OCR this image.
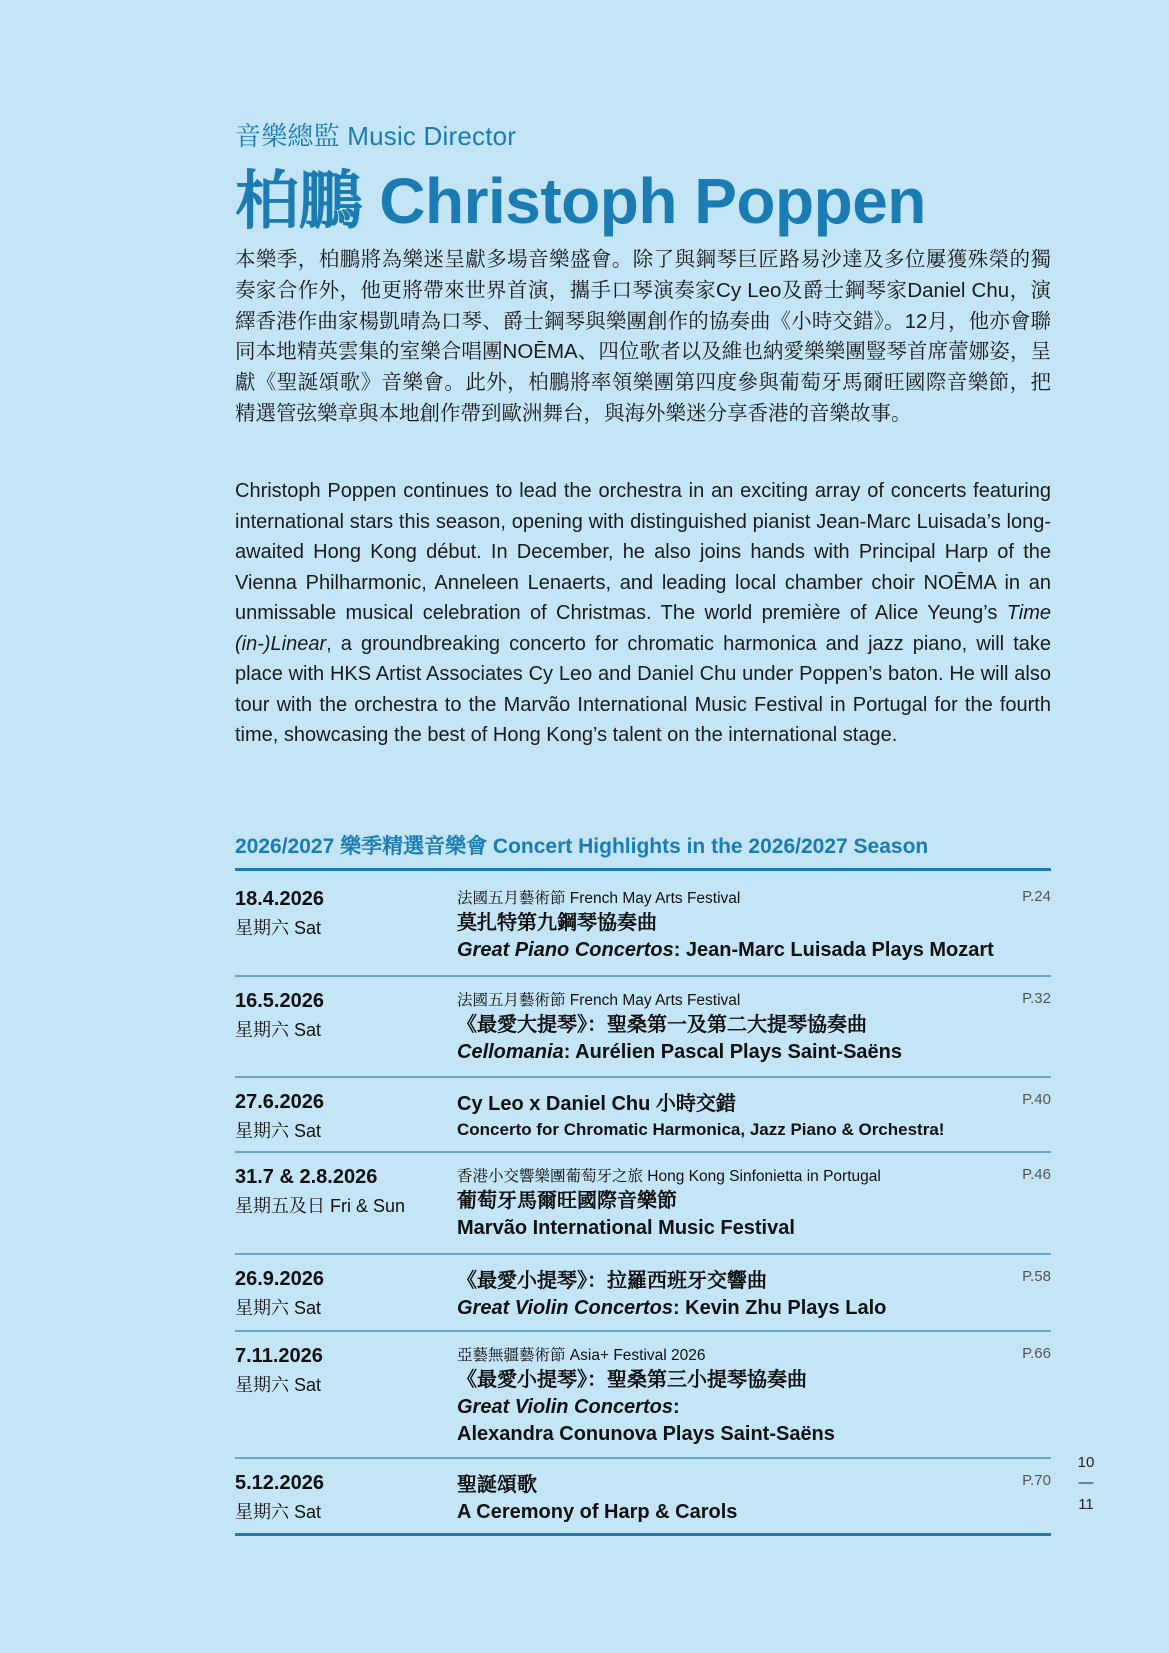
音樂總監 Music Director
柏鵬 Christoph Poppen

本樂季，柏鵬將為樂迷呈獻多場音樂盛會。除了與鋼琴巨匠路易沙達及多位屢獲殊榮的獨奏家合作外，他更將帶來世界首演，攜手口琴演奏家Cy Leo及爵士鋼琴家Daniel Chu，演繹香港作曲家楊凱晴為口琴、爵士鋼琴與樂團創作的協奏曲《小時交錯》。12月，他亦會聯同本地精英雲集的室樂合唱團NOĒMA、四位歌者以及維也納愛樂樂團豎琴首席蕾娜姿，呈獻《聖誕頌歌》音樂會。此外，柏鵬將率領樂團第四度參與葡萄牙馬爾旺國際音樂節，把精選管弦樂章與本地創作帶到歐洲舞台，與海外樂迷分享香港的音樂故事。

Christoph Poppen continues to lead the orchestra in an exciting array of concerts featuring international stars this season, opening with distinguished pianist Jean-Marc Luisada’s long-awaited Hong Kong début. In December, he also joins hands with Principal Harp of the Vienna Philharmonic, Anneleen Lenaerts, and leading local chamber choir NOĒMA in an unmissable musical celebration of Christmas. The world première of Alice Yeung’s Time (in-)Linear, a groundbreaking concerto for chromatic harmonica and jazz piano, will take place with HKS Artist Associates Cy Leo and Daniel Chu under Poppen’s baton. He will also tour with the orchestra to the Marvão International Music Festival in Portugal for the fourth time, showcasing the best of Hong Kong’s talent on the international stage.

2026/2027 樂季精選音樂會 Concert Highlights in the 2026/2027 Season
18.4.2026
星期六 Sat
法國五月藝術節 French May Arts Festival
莫扎特第九鋼琴協奏曲
Great Piano Concertos: Jean-Marc Luisada Plays Mozart
P.24
16.5.2026
星期六 Sat
法國五月藝術節 French May Arts Festival
《最愛大提琴》：聖桑第一及第二大提琴協奏曲
Cellomania: Aurélien Pascal Plays Saint-Saëns
P.32
27.6.2026
星期六 Sat
Cy Leo x Daniel Chu 小時交錯
Concerto for Chromatic Harmonica, Jazz Piano & Orchestra!
P.40
31.7 & 2.8.2026
星期五及日 Fri & Sun
香港小交響樂團葡萄牙之旅 Hong Kong Sinfonietta in Portugal
葡萄牙馬爾旺國際音樂節
Marvão International Music Festival
P.46
26.9.2026
星期六 Sat
《最愛小提琴》：拉羅西班牙交響曲
Great Violin Concertos: Kevin Zhu Plays Lalo
P.58
7.11.2026
星期六 Sat
亞藝無疆藝術節 Asia+ Festival 2026
《最愛小提琴》：聖桑第三小提琴協奏曲
Great Violin Concertos:
Alexandra Conunova Plays Saint-Saëns
P.66
5.12.2026
星期六 Sat
聖誕頌歌
A Ceremony of Harp & Carols
P.70
10
—
11
